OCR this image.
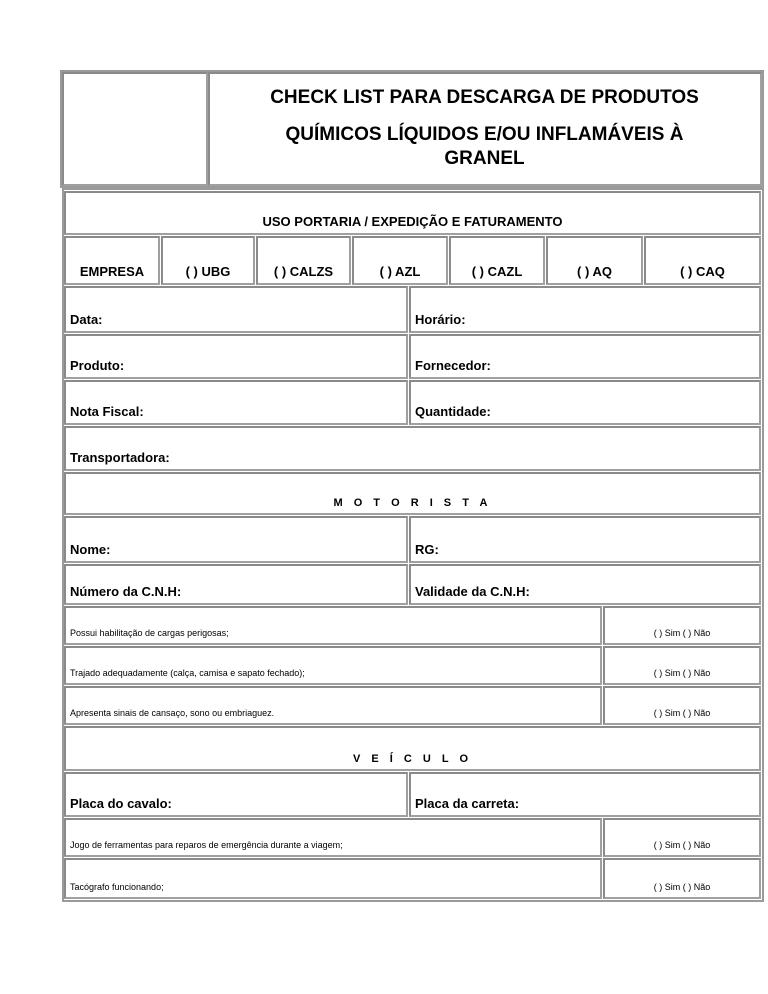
CHECK LIST PARA DESCARGA DE PRODUTOS
QUÍMICOS LÍQUIDOS E/OU INFLAMÁVEIS À
GRANEL
USO PORTARIA / EXPEDIÇÃO E FATURAMENTO
EMPRESA	( ) UBG	( ) CALZS	( ) AZL	( ) CAZL	( ) AQ	( ) CAQ
Data:	Horário:
Produto:	Fornecedor:
Nota Fiscal:	Quantidade:
Transportadora:
M O T O R I S T A
Nome:	RG:
Número da C.N.H:	Validade da C.N.H:
Possui habilitação de cargas perigosas;	( ) Sim ( ) Não
Trajado adequadamente (calça, camisa e sapato fechado);	( ) Sim ( ) Não
Apresenta sinais de cansaço, sono ou embriaguez.	( ) Sim ( ) Não
V E Í C U L O
Placa do cavalo:	Placa da carreta:
Jogo de ferramentas para reparos de emergência durante a viagem;	( ) Sim ( ) Não
Tacógrafo funcionando;	( ) Sim ( ) Não
